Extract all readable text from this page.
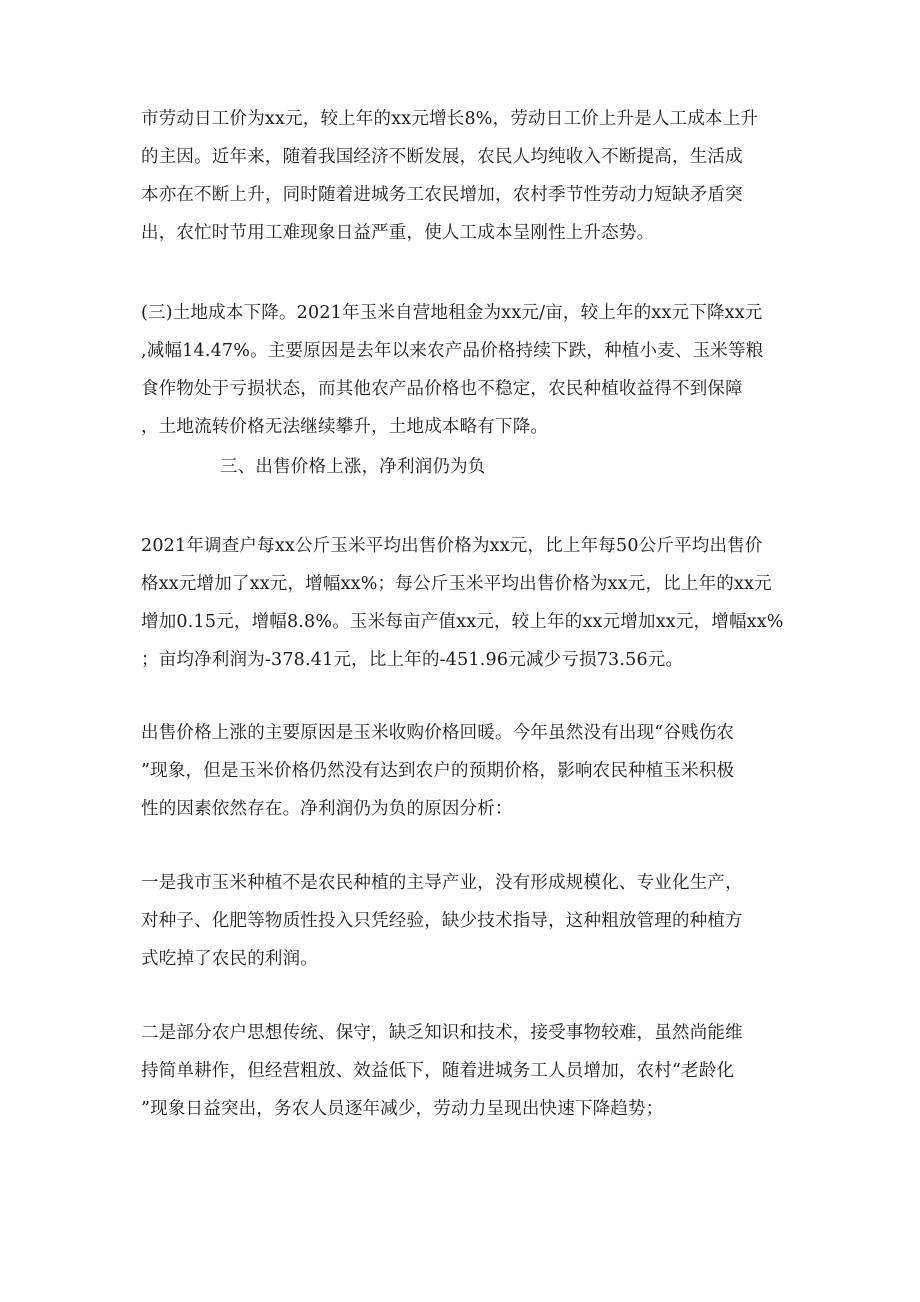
市劳动日工价为xx元，较上年的xx元增长8%，劳动日工价上升是人工成本上升
的主因。近年来，随着我国经济不断发展，农民人均纯收入不断提高，生活成
本亦在不断上升，同时随着进城务工农民增加，农村季节性劳动力短缺矛盾突
出，农忙时节用工难现象日益严重，使人工成本呈刚性上升态势。
(三)土地成本下降。2021年玉米自营地租金为xx元/亩，较上年的xx元下降xx元
,减幅14.47%。主要原因是去年以来农产品价格持续下跌，种植小麦、玉米等粮
食作物处于亏损状态，而其他农产品价格也不稳定，农民种植收益得不到保障
，土地流转价格无法继续攀升，土地成本略有下降。
三、出售价格上涨，净利润仍为负
2021年调查户每xx公斤玉米平均出售价格为xx元，比上年每50公斤平均出售价
格xx元增加了xx元，增幅xx%；每公斤玉米平均出售价格为xx元，比上年的xx元
增加0.15元，增幅8.8%。玉米每亩产值xx元，较上年的xx元增加xx元，增幅xx%
；亩均净利润为-378.41元，比上年的-451.96元减少亏损73.56元。
出售价格上涨的主要原因是玉米收购价格回暖。今年虽然没有出现“谷贱伤农
”现象，但是玉米价格仍然没有达到农户的预期价格，影响农民种植玉米积极
性的因素依然存在。净利润仍为负的原因分析：
一是我市玉米种植不是农民种植的主导产业，没有形成规模化、专业化生产，
对种子、化肥等物质性投入只凭经验，缺少技术指导，这种粗放管理的种植方
式吃掉了农民的利润。
二是部分农户思想传统、保守，缺乏知识和技术，接受事物较难，虽然尚能维
持简单耕作，但经营粗放、效益低下，随着进城务工人员增加，农村“老龄化
”现象日益突出，务农人员逐年减少，劳动力呈现出快速下降趋势；
